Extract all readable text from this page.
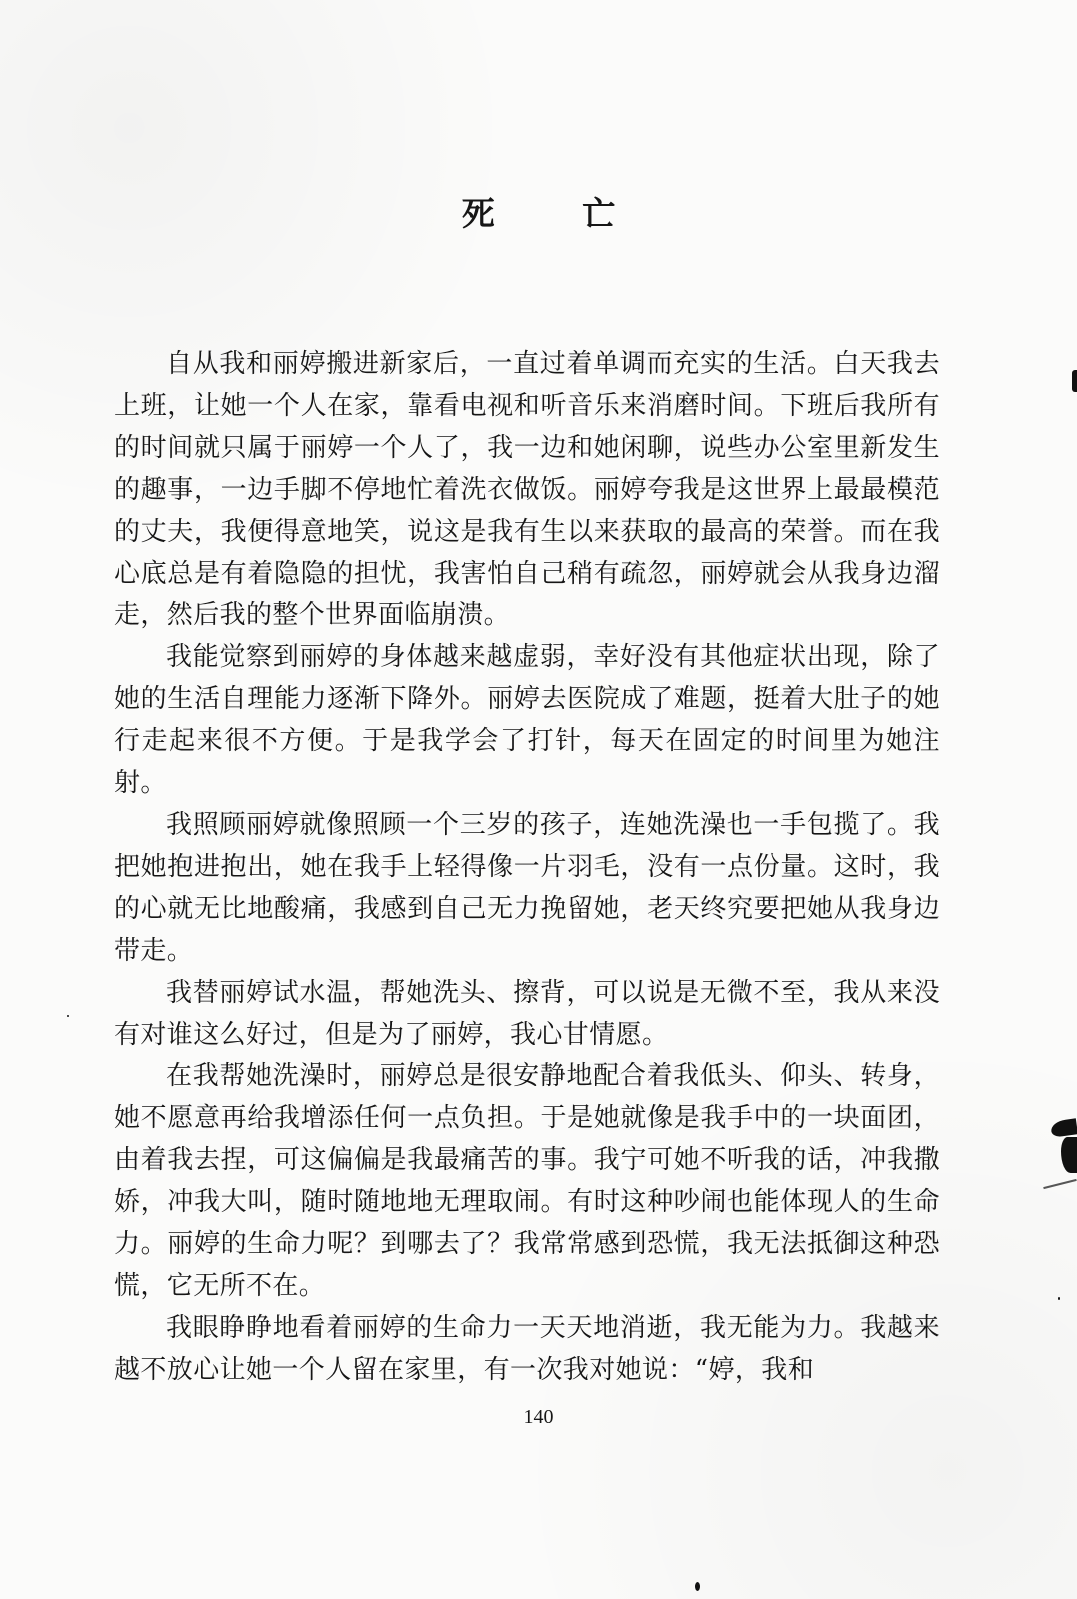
死 亡

自从我和丽婷搬进新家后，一直过着单调而充实的生活。白天我去上班，让她一个人在家，靠看电视和听音乐来消磨时间。下班后我所有的时间就只属于丽婷一个人了，我一边和她闲聊，说些办公室里新发生的趣事，一边手脚不停地忙着洗衣做饭。丽婷夸我是这世界上最最模范的丈夫，我便得意地笑，说这是我有生以来获取的最高的荣誉。而在我心底总是有着隐隐的担忧，我害怕自己稍有疏忽，丽婷就会从我身边溜走，然后我的整个世界面临崩溃。

我能觉察到丽婷的身体越来越虚弱，幸好没有其他症状出现，除了她的生活自理能力逐渐下降外。丽婷去医院成了难题，挺着大肚子的她行走起来很不方便。于是我学会了打针，每天在固定的时间里为她注射。

我照顾丽婷就像照顾一个三岁的孩子，连她洗澡也一手包揽了。我把她抱进抱出，她在我手上轻得像一片羽毛，没有一点份量。这时，我的心就无比地酸痛，我感到自己无力挽留她，老天终究要把她从我身边带走。

我替丽婷试水温，帮她洗头、擦背，可以说是无微不至，我从来没有对谁这么好过，但是为了丽婷，我心甘情愿。

在我帮她洗澡时，丽婷总是很安静地配合着我低头、仰头、转身，她不愿意再给我增添任何一点负担。于是她就像是我手中的一块面团，由着我去捏，可这偏偏是我最痛苦的事。我宁可她不听我的话，冲我撒娇，冲我大叫，随时随地地无理取闹。有时这种吵闹也能体现人的生命力。丽婷的生命力呢？到哪去了？我常常感到恐慌，我无法抵御这种恐慌，它无所不在。

我眼睁睁地看着丽婷的生命力一天天地消逝，我无能为力。我越来越不放心让她一个人留在家里，有一次我对她说：“婷，我和

140
